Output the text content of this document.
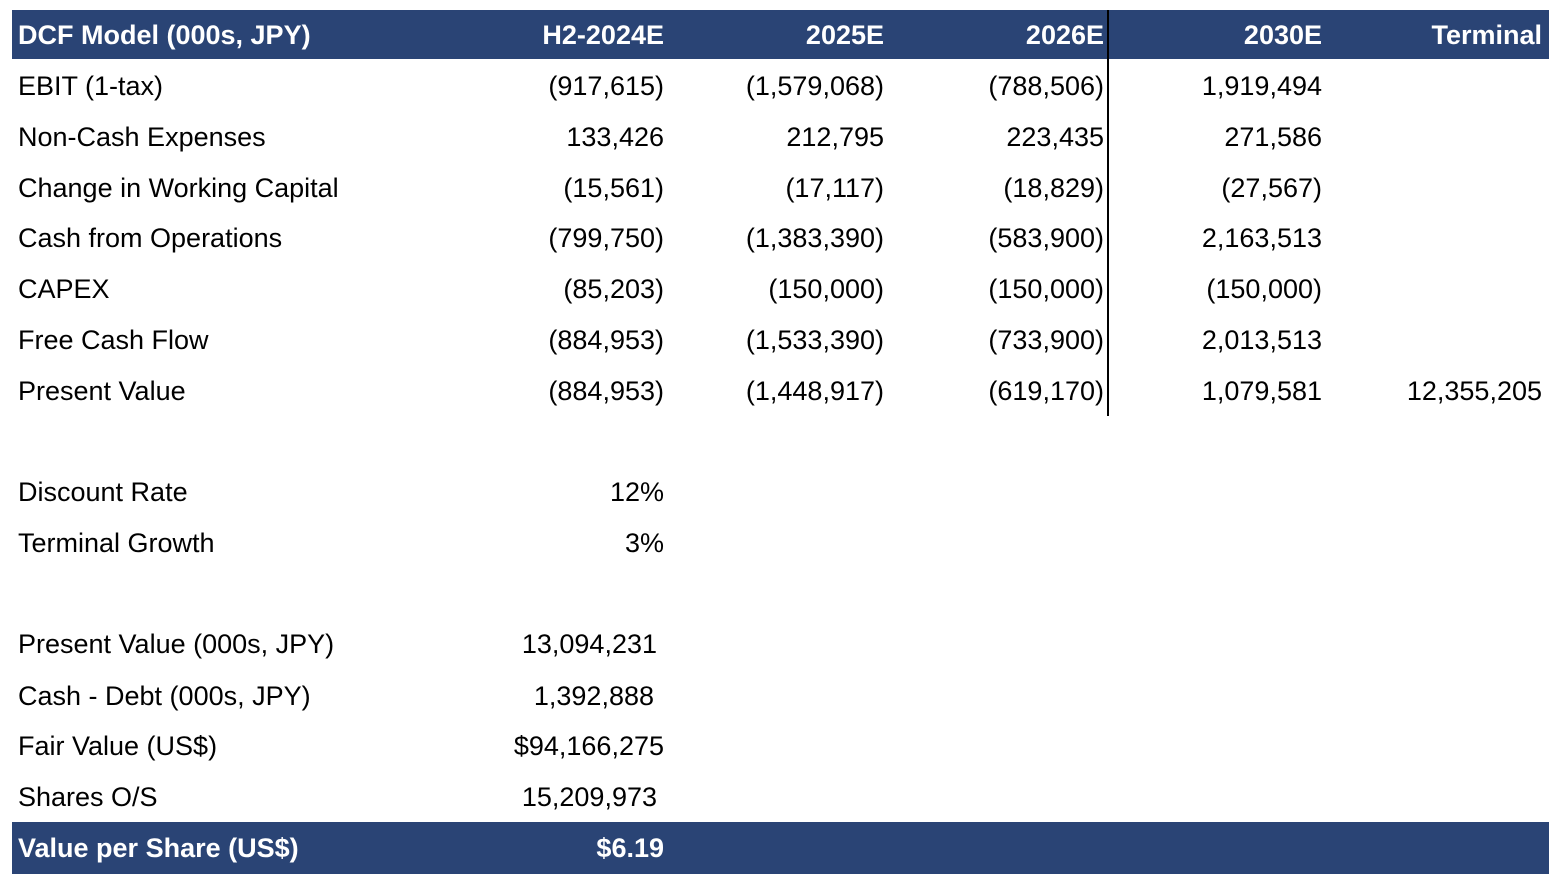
DCF Model (000s, JPY)	H2-2024E	2025E	2026E	2030E	Terminal
EBIT (1-tax)	(917,615)	(1,579,068)	(788,506)	1,919,494
Non-Cash Expenses	133,426	212,795	223,435	271,586
Change in Working Capital	(15,561)	(17,117)	(18,829)	(27,567)
Cash from Operations	(799,750)	(1,383,390)	(583,900)	2,163,513
CAPEX	(85,203)	(150,000)	(150,000)	(150,000)
Free Cash Flow	(884,953)	(1,533,390)	(733,900)	2,013,513
Present Value	(884,953)	(1,448,917)	(619,170)	1,079,581	12,355,205
Discount Rate	12%
Terminal Growth	3%
Present Value (000s, JPY)	13,094,231
Cash - Debt (000s, JPY)	1,392,888
Fair Value (US$)	$94,166,275
Shares O/S	15,209,973
Value per Share (US$)	$6.19
